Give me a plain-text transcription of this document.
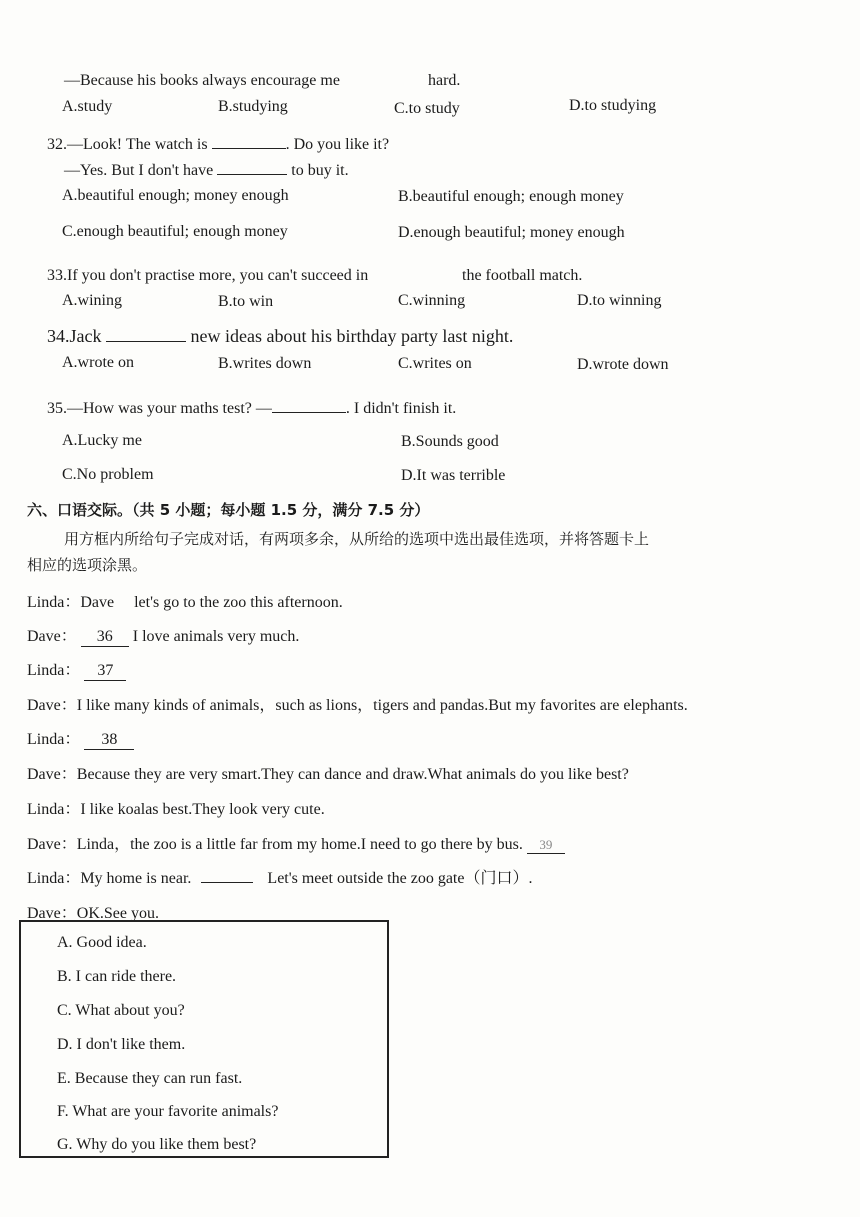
—Because his books always encourage me	hard.
A.study	B.studying	C.to study	D.to studying
32.—Look! The watch is	. Do you like it?
—Yes. But I don't have	to buy it.
A.beautiful enough; money enough	B.beautiful enough; enough money
C.enough beautiful; enough money	D.enough beautiful; money enough
33.If you don't practise more, you can't succeed in	the football match.
A.wining	B.to win	C.winning	D.to winning
34.Jack	new ideas about his birthday party last night.
A.wrote on	B.writes down	C.writes on	D.wrote down
35.—How was your maths test? —	. I didn't finish it.
A.Lucky me	B.Sounds good
C.No problem	D.It was terrible
六、口语交际。（共 5 小题；每小题 1.5 分，满分 7.5 分）
用方框内所给句子完成对话，有两项多余，从所给的选项中选出最佳选项，并将答题卡上
相应的选项涂黑。
Linda：Dave let's go to the zoo this afternoon.
Dave： 36 I love animals very much.
Linda： 37
Dave：I like many kinds of animals，such as lions，tigers and pandas.But my favorites are elephants.
Linda： 38
Dave：Because they are very smart.They can dance and draw.What animals do you like best?
Linda：I like koalas best.They look very cute.
Dave：Linda，the zoo is a little far from my home.I need to go there by bus. 39
Linda：My home is near.	Let's meet outside the zoo gate（门口）.
Dave：OK.See you.
A. Good idea.
B. I can ride there.
C. What about you?
D. I don't like them.
E. Because they can run fast.
F. What are your favorite animals?
G. Why do you like them best?
